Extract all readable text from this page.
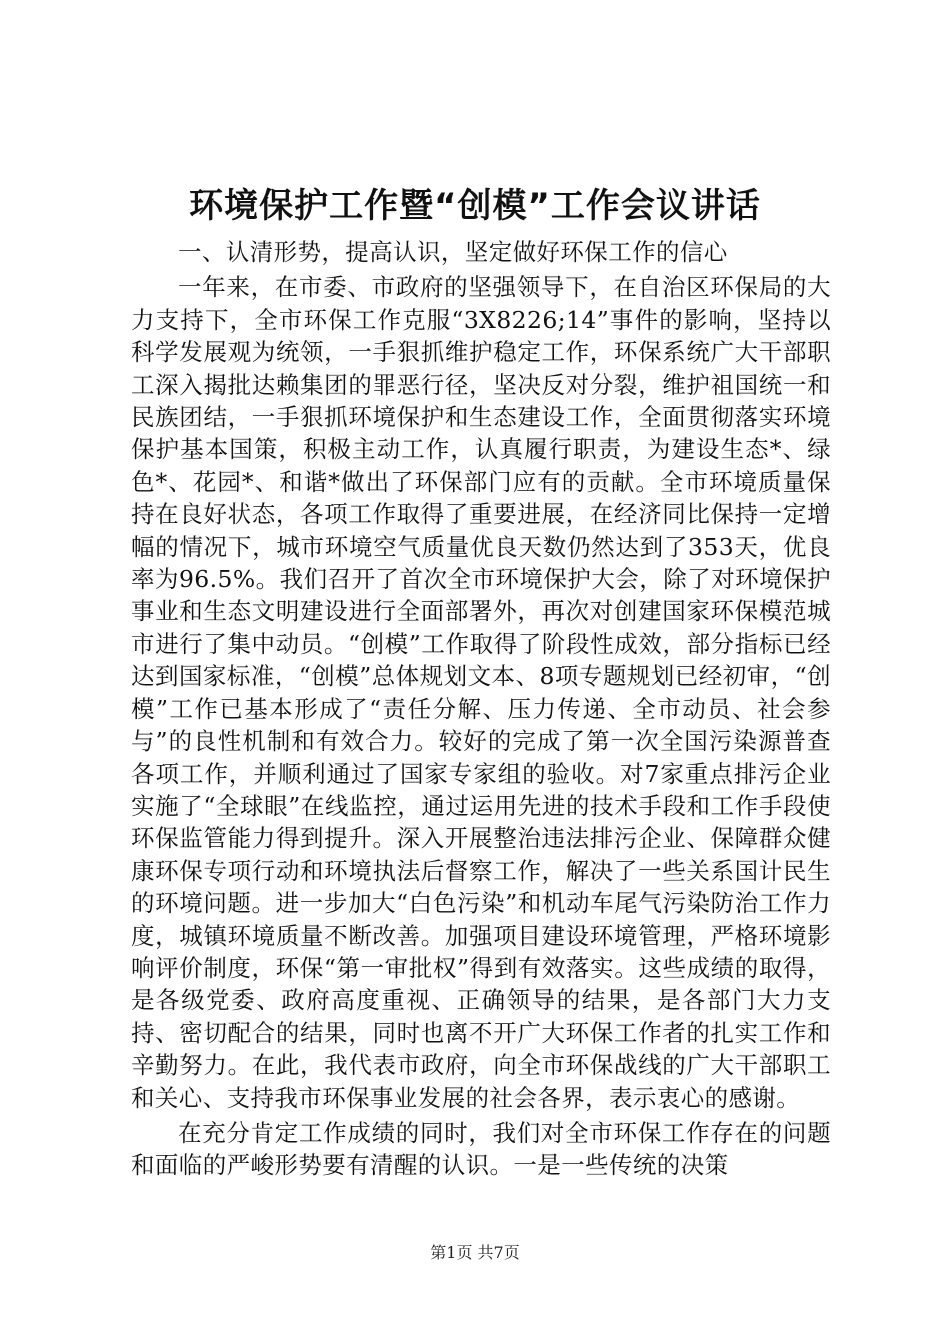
环境保护工作暨“创模”工作会议讲话

一、认清形势，提高认识，坚定做好环保工作的信心

一年来，在市委、市政府的坚强领导下，在自治区环保局的大力支持下，全市环保工作克服“3X8226;14”事件的影响，坚持以科学发展观为统领，一手狠抓维护稳定工作，环保系统广大干部职工深入揭批达赖集团的罪恶行径，坚决反对分裂，维护祖国统一和民族团结，一手狠抓环境保护和生态建设工作，全面贯彻落实环境保护基本国策，积极主动工作，认真履行职责，为建设生态*、绿色*、花园*、和谐*做出了环保部门应有的贡献。全市环境质量保持在良好状态，各项工作取得了重要进展，在经济同比保持一定增幅的情况下，城市环境空气质量优良天数仍然达到了353天，优良率为96.5%。我们召开了首次全市环境保护大会，除了对环境保护事业和生态文明建设进行全面部署外，再次对创建国家环保模范城市进行了集中动员。“创模”工作取得了阶段性成效，部分指标已经达到国家标准，“创模”总体规划文本、8项专题规划已经初审，“创模”工作已基本形成了“责任分解、压力传递、全市动员、社会参与”的良性机制和有效合力。较好的完成了第一次全国污染源普查各项工作，并顺利通过了国家专家组的验收。对7家重点排污企业实施了“全球眼”在线监控，通过运用先进的技术手段和工作手段使环保监管能力得到提升。深入开展整治违法排污企业、保障群众健康环保专项行动和环境执法后督察工作，解决了一些关系国计民生的环境问题。进一步加大“白色污染”和机动车尾气污染防治工作力度，城镇环境质量不断改善。加强项目建设环境管理，严格环境影响评价制度，环保“第一审批权”得到有效落实。这些成绩的取得，是各级党委、政府高度重视、正确领导的结果，是各部门大力支持、密切配合的结果，同时也离不开广大环保工作者的扎实工作和辛勤努力。在此，我代表市政府，向全市环保战线的广大干部职工和关心、支持我市环保事业发展的社会各界，表示衷心的感谢。

在充分肯定工作成绩的同时，我们对全市环保工作存在的问题和面临的严峻形势要有清醒的认识。一是一些传统的决策

第1页 共7页
